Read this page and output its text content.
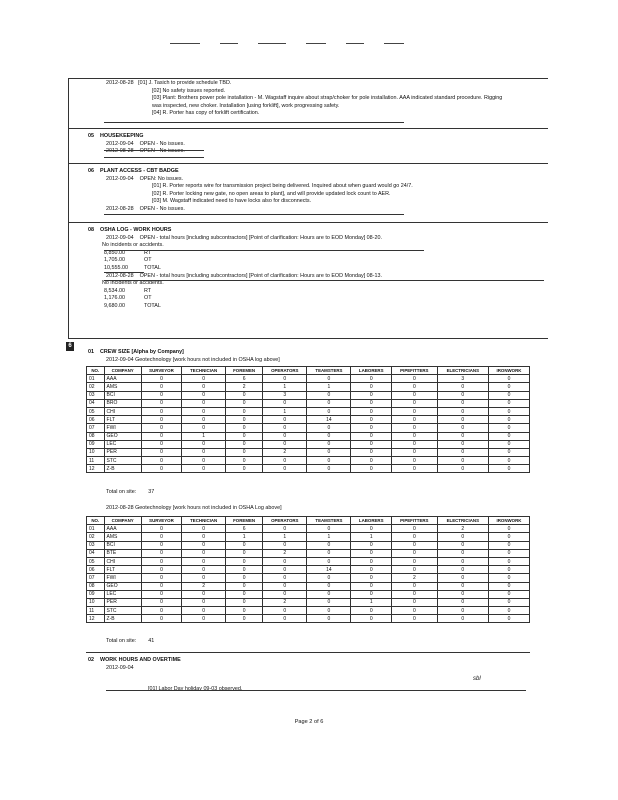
2012-08-28 [01] J. Tasich to provide schedule TBD.
[02] No safety issues reported.
[03] Plant: Brothers power pole installation - M. Wagstaff inquire about strap/choker for pole installation. AAA indicated standard procedure. Rigging
was inspected, new choker. Installation [using forklift], work progressing safety.
[04] R. Porter has copy of forklift certification.
05 HOUSEKEEPING
2012-09-04 OPEN - No issues.
2012-08-28 OPEN - No issues.
06 PLANT ACCESS - CBT BADGE
2012-09-04 OPEN: No issues.
[01] R. Porter reports wire for transmission project being delivered. Inquired about when guard would go 24/7.
[02] R. Porter locking new gate, no open areas to plant], and will provide updated lock count to AER.
[03] M. Wagstaff indicated need to have locks also for disconnects.
2012-08-28 OPEN - No issues.
08 OSHA LOG - WORK HOURS
2012-09-04 OPEN - total hours [including subcontractors] [Point of clarification: Hours are to EOD Monday] 08-20.
No incidents or accidents.
8,850.00	RT
1,705.00	OT
10,555.00	TOTAL
2012-08-28 OPEN - total hours [including subcontractors] [Point of clarification: Hours are to EOD Monday] 08-13.
No incidents or accidents.
8,534.00	RT
1,176.00	OT
9,680.00	TOTAL
6
01 CREW SIZE [Alpha by Company]
2012-09-04 Geotechnology [work hours not included in OSHA log above]
NO.	COMPANY	SURVEYOR	TECHNICIAN	FOREMEN	OPERATORS	TEAMSTERS	LABORERS	PIPEFITTERS	ELECTRICIANS	IRONWORK
01	AAA	0	0	6	0	0	0	0	3	0
02	AMS	0	0	2	1	1	0	0	0	0
03	BCI	0	0	0	3	0	0	0	0	0
04	BRO	0	0	0	0	0	0	0	0	0
05	CHI	0	0	0	1	0	0	0	0	0
06	FLT	0	0	0	0	14	0	0	0	0
07	FWI	0	0	0	0	0	0	0	0	0
08	GEO	0	1	0	0	0	0	0	0	0
09	LEC	0	0	0	0	0	0	0	0	0
10	PER	0	0	0	2	0	0	0	0	0
11	STC	0	0	0	0	0	0	0	0	0
12	Z-B	0	0	0	0	0	0	0	0	0
Total on site: 37
2012-08-28 Geotechnology [work hours not included in OSHA Log above]
NO.	COMPANY	SURVEYOR	TECHNICIAN	FOREMEN	OPERATORS	TEAMSTERS	LABORERS	PIPEFITTERS	ELECTRICIANS	IRONWORK
01	AAA	0	0	6	0	0	0	0	2	0
02	AMS	0	0	1	1	1	1	0	0	0
03	BCI	0	0	0	0	0	0	0	0	0
04	BTE	0	0	0	2	0	0	0	0	0
05	CHI	0	0	0	0	0	0	0	0	0
06	FLT	0	0	0	0	14	0	0	0	0
07	FWI	0	0	0	0	0	0	2	0	0
08	GEO	0	2	0	0	0	0	0	0	0
09	LEC	0	0	0	0	0	0	0	0	0
10	PER	0	0	0	2	0	1	0	0	0
11	STC	0	0	0	0	0	0	0	0	0
12	Z-B	0	0	0	0	0	0	0	0	0
Total on site: 41
02 WORK HOURS AND OVERTIME
2012-09-04
[01] Labor Day holiday 09-03 observed.
sbl
Page 2 of 6
